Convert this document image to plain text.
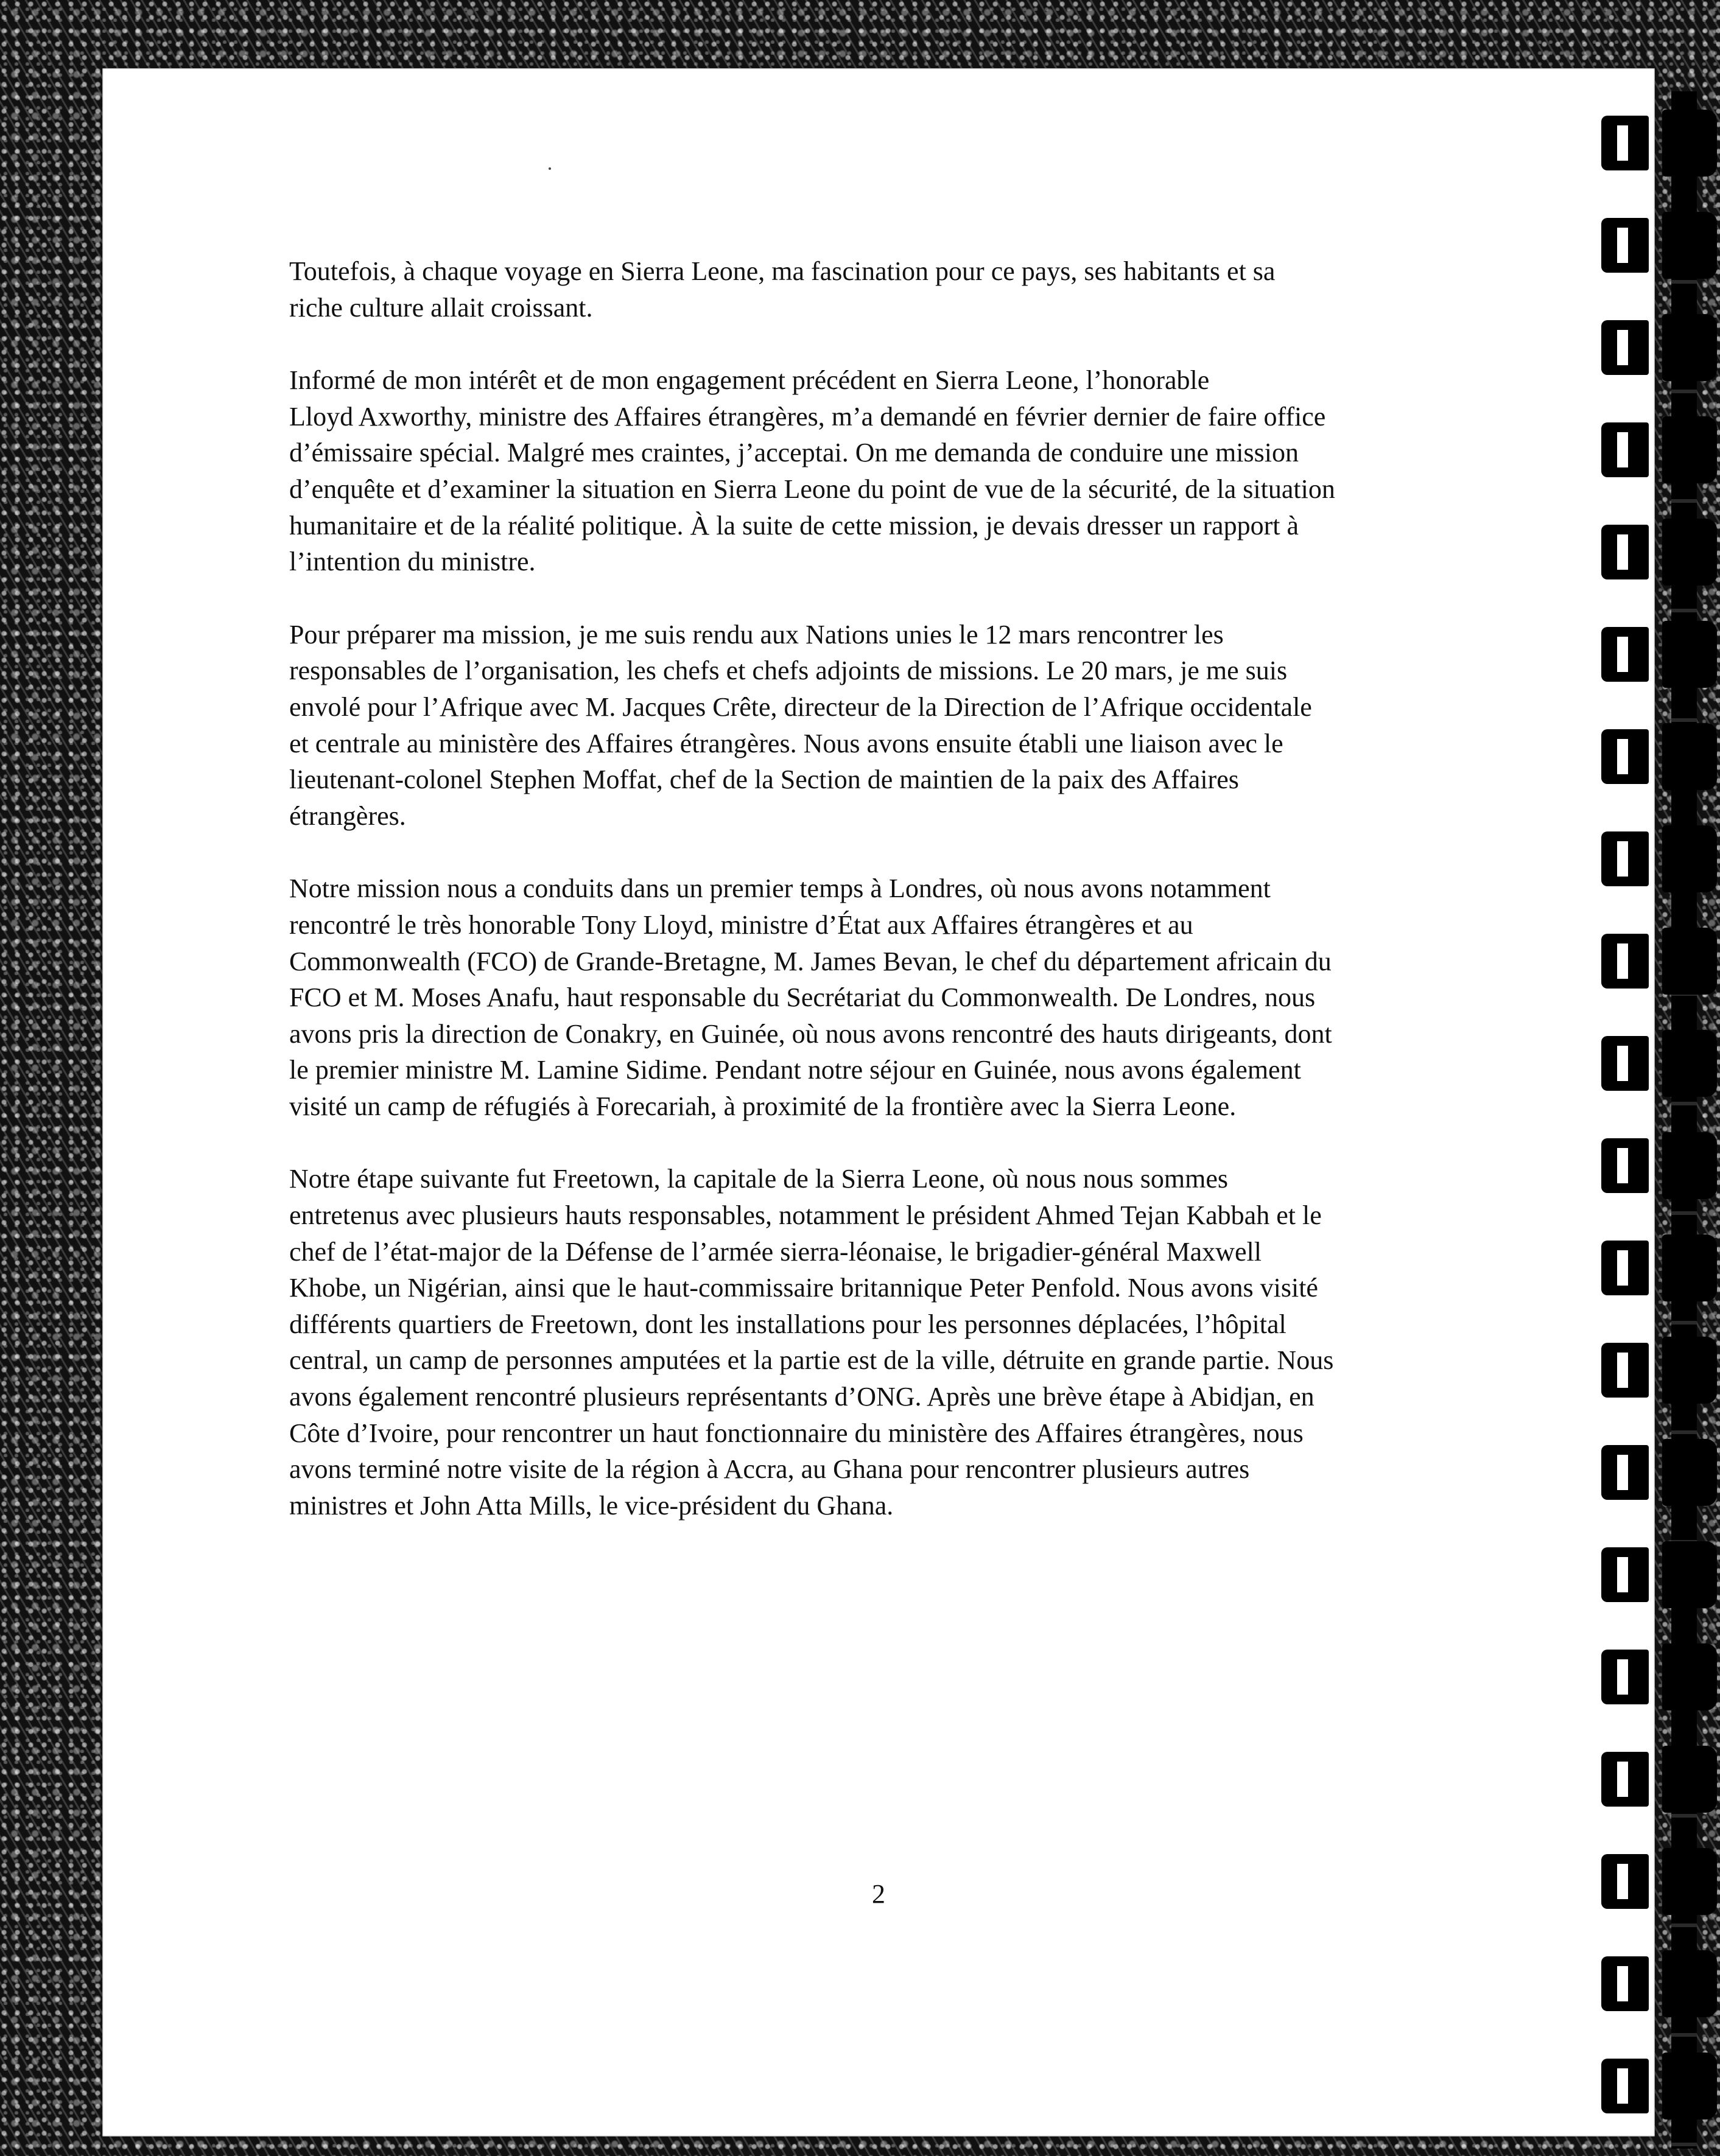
Toutefois, à chaque voyage en Sierra Leone, ma fascination pour ce pays, ses habitants et sa
riche culture allait croissant.

Informé de mon intérêt et de mon engagement précédent en Sierra Leone, l’honorable
Lloyd Axworthy, ministre des Affaires étrangères, m’a demandé en février dernier de faire office
d’émissaire spécial. Malgré mes craintes, j’acceptai. On me demanda de conduire une mission
d’enquête et d’examiner la situation en Sierra Leone du point de vue de la sécurité, de la situation
humanitaire et de la réalité politique. À la suite de cette mission, je devais dresser un rapport à
l’intention du ministre.

Pour préparer ma mission, je me suis rendu aux Nations unies le 12 mars rencontrer les
responsables de l’organisation, les chefs et chefs adjoints de missions. Le 20 mars, je me suis
envolé pour l’Afrique avec M. Jacques Crête, directeur de la Direction de l’Afrique occidentale
et centrale au ministère des Affaires étrangères. Nous avons ensuite établi une liaison avec le
lieutenant-colonel Stephen Moffat, chef de la Section de maintien de la paix des Affaires
étrangères.

Notre mission nous a conduits dans un premier temps à Londres, où nous avons notamment
rencontré le très honorable Tony Lloyd, ministre d’État aux Affaires étrangères et au
Commonwealth (FCO) de Grande-Bretagne, M. James Bevan, le chef du département africain du
FCO et M. Moses Anafu, haut responsable du Secrétariat du Commonwealth. De Londres, nous
avons pris la direction de Conakry, en Guinée, où nous avons rencontré des hauts dirigeants, dont
le premier ministre M. Lamine Sidime. Pendant notre séjour en Guinée, nous avons également
visité un camp de réfugiés à Forecariah, à proximité de la frontière avec la Sierra Leone.

Notre étape suivante fut Freetown, la capitale de la Sierra Leone, où nous nous sommes
entretenus avec plusieurs hauts responsables, notamment le président Ahmed Tejan Kabbah et le
chef de l’état-major de la Défense de l’armée sierra-léonaise, le brigadier-général Maxwell
Khobe, un Nigérian, ainsi que le haut-commissaire britannique Peter Penfold. Nous avons visité
différents quartiers de Freetown, dont les installations pour les personnes déplacées, l’hôpital
central, un camp de personnes amputées et la partie est de la ville, détruite en grande partie. Nous
avons également rencontré plusieurs représentants d’ONG. Après une brève étape à Abidjan, en
Côte d’Ivoire, pour rencontrer un haut fonctionnaire du ministère des Affaires étrangères, nous
avons terminé notre visite de la région à Accra, au Ghana pour rencontrer plusieurs autres
ministres et John Atta Mills, le vice-président du Ghana.

2
